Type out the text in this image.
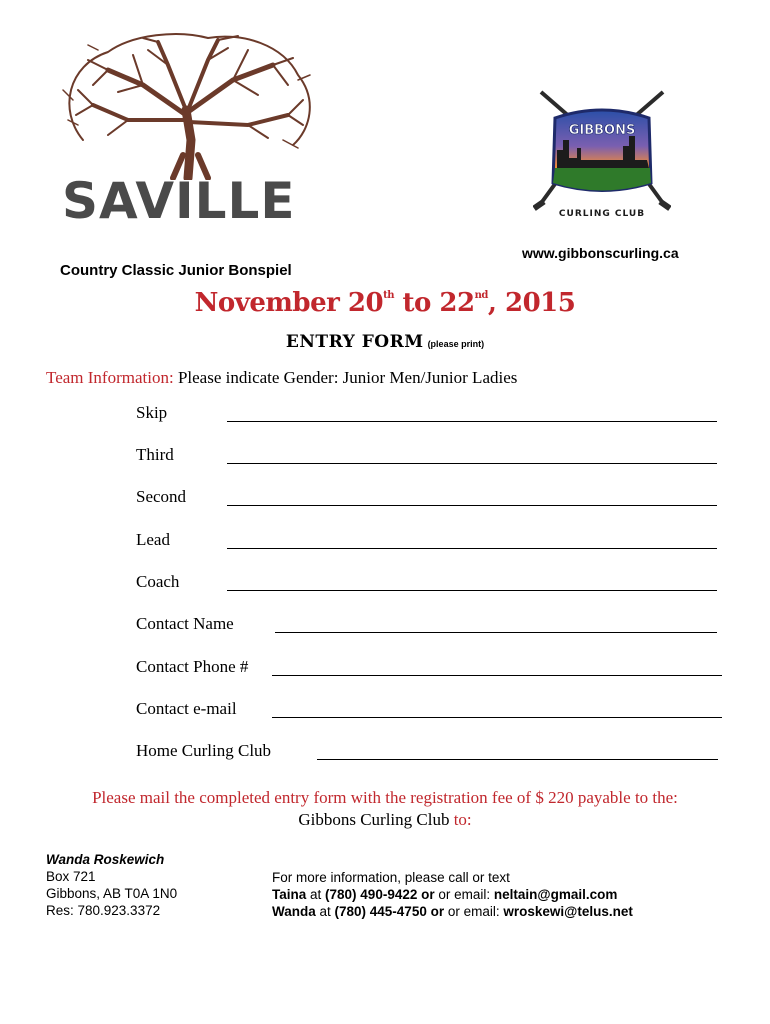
SAVILLE
GIBBONS
CURLING CLUB
www.gibbonscurling.ca
Country Classic Junior Bonspiel
November 20th to 22nd, 2015
ENTRY FORM (please print)
Team Information: Please indicate Gender: Junior Men/Junior Ladies
Skip
Third
Second
Lead
Coach
Contact Name
Contact Phone #
Contact e-mail
Home Curling Club
Please mail the completed entry form with the registration fee of $ 220 payable to the:
Gibbons Curling Club to:
Wanda Roskewich
Box 721
Gibbons, AB T0A 1N0
Res: 780.923.3372
For more information, please call or text
Taina at (780) 490-9422 or or email: neltain@gmail.com
Wanda at (780) 445-4750 or or email: wroskewi@telus.net
